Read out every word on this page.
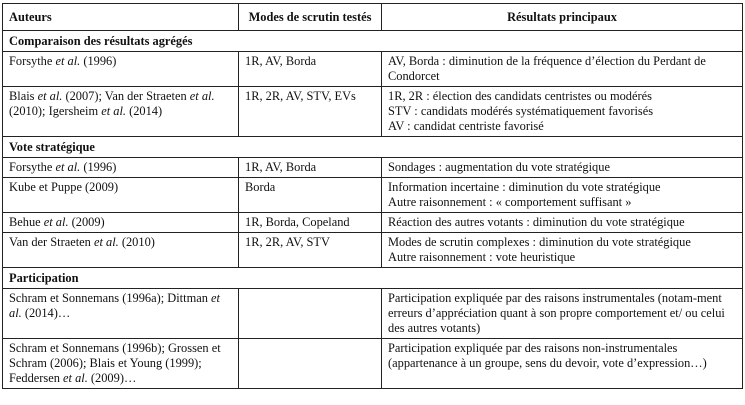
Auteurs	Modes de scrutin testés	Résultats principaux
Comparaison des résultats agrégés		
Forsythe et al. (1996)	1R, AV, Borda	AV, Borda : diminution de la fréquence d’élection du Perdant de Condorcet

Blais et al. (2007); Van der Straeten et al. (2010); Igersheim et al. (2014)	1R, 2R, AV, STV, EVs	1R, 2R : élection des candidats centristes ou modérés
STV : candidats modérés systématiquement favorisés
AV : candidat centriste favorisé

Vote stratégique		
Forsythe et al. (1996)	1R, AV, Borda	Sondages : augmentation du vote stratégique

Kube et Puppe (2009)	Borda	Information incertaine : diminution du vote stratégique
Autre raisonnement : « comportement suffisant »

Behue et al. (2009)	1R, Borda, Copeland	Réaction des autres votants : diminution du vote stratégique

Van der Straeten et al. (2010)	1R, 2R, AV, STV	Modes de scrutin complexes : diminution du vote stratégique
Autre raisonnement : vote heuristique

Participation		
Schram et Sonnemans (1996a); Dittman et al. (2014)…		Participation expliquée par des raisons instrumentales (notam-ment erreurs d’appréciation quant à son propre comportement et/ ou celui des autres votants)

Schram et Sonnemans (1996b); Grossen et Schram (2006); Blais et Young (1999); Feddersen et al. (2009)…		Participation expliquée par des raisons non-instrumentales (appartenance à un groupe, sens du devoir, vote d’expression…)
